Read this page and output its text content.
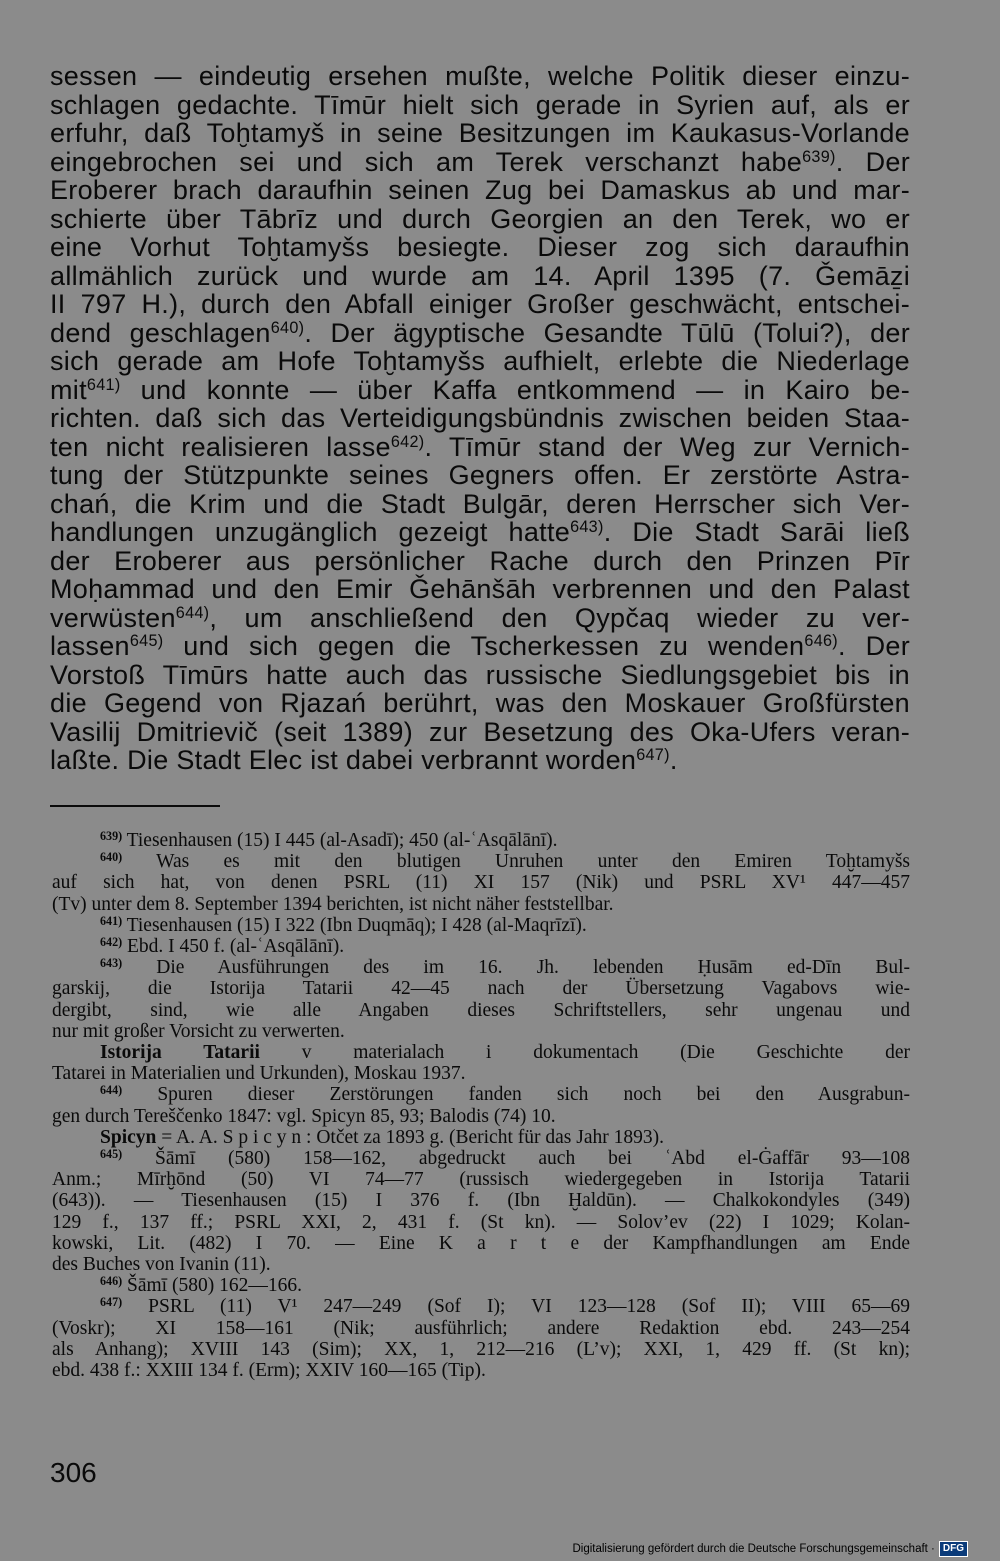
sessen — eindeutig ersehen mußte, welche Politik dieser einzu-
schlagen gedachte. Tīmūr hielt sich gerade in Syrien auf, als er
erfuhr, daß Toḫtamyš in seine Besitzungen im Kaukasus-Vorlande
eingebrochen sei und sich am Terek verschanzt habe$^{639)}$. Der
Eroberer brach daraufhin seinen Zug bei Damaskus ab und mar-
schierte über Tābrīz und durch Georgien an den Terek, wo er
eine Vorhut Toḫtamyšs besiegte. Dieser zog sich daraufhin
allmählich zurück und wurde am 14. April 1395 (7. Ǧemāẕi
II 797 H.), durch den Abfall einiger Großer geschwächt, entschei-
dend geschlagen$^{640)}$. Der ägyptische Gesandte Tūlū (Tolui?), der
sich gerade am Hofe Toḫtamyšs aufhielt, erlebte die Niederlage
mit$^{641)}$ und konnte — über Kaffa entkommend — in Kairo be-
richten. daß sich das Verteidigungsbündnis zwischen beiden Staa-
ten nicht realisieren lasse$^{642)}$. Tīmūr stand der Weg zur Vernich-
tung der Stützpunkte seines Gegners offen. Er zerstörte Astra-
chań, die Krim und die Stadt Bulgār, deren Herrscher sich Ver-
handlungen unzugänglich gezeigt hatte$^{643)}$. Die Stadt Sarāi ließ
der Eroberer aus persönlicher Rache durch den Prinzen Pīr
Moḥammad und den Emir Ǧehānšāh verbrennen und den Palast
verwüsten$^{644)}$, um anschließend den Qypčaq wieder zu ver-
lassen$^{645)}$ und sich gegen die Tscherkessen zu wenden$^{646)}$. Der
Vorstoß Tīmūrs hatte auch das russische Siedlungsgebiet bis in
die Gegend von Rjazań berührt, was den Moskauer Großfürsten
Vasilij Dmitrievič (seit 1389) zur Besetzung des Oka-Ufers veran-
laßte. Die Stadt Elec ist dabei verbrannt worden$^{647)}$.
$^{639)}$ Tiesenhausen (15) I 445 (al-Asadī); 450 (al-ʿAsqālānī).
$^{640)}$ Was es mit den blutigen Unruhen unter den Emiren Toḫtamyšs
auf sich hat, von denen PSRL (11) XI 157 (Nik) und PSRL XV¹ 447—457
(Tv) unter dem 8. September 1394 berichten, ist nicht näher feststellbar.
$^{641)}$ Tiesenhausen (15) I 322 (Ibn Duqmāq); I 428 (al-Maqrīzī).
$^{642)}$ Ebd. I 450 f. (al-ʿAsqālānī).
$^{643)}$ Die Ausführungen des im 16. Jh. lebenden Ḥusām ed-Dīn Bul-
garskij, die Istorija Tatarii 42—45 nach der Übersetzung Vagabovs wie-
dergibt, sind, wie alle Angaben dieses Schriftstellers, sehr ungenau und
nur mit großer Vorsicht zu verwerten.
Istorija Tatarii v materialach i dokumentach (Die Geschichte der
Tatarei in Materialien und Urkunden), Moskau 1937.
$^{644)}$ Spuren dieser Zerstörungen fanden sich noch bei den Ausgrabun-
gen durch Tereščenko 1847: vgl. Spicyn 85, 93; Balodis (74) 10.
Spicyn = A. A. S p i c y n : Otčet za 1893 g. (Bericht für das Jahr 1893).
$^{645)}$ Šāmī (580) 158—162, abgedruckt auch bei ʿAbd el-Ġaffār 93—108
Anm.; Mīrḫōnd (50) VI 74—77 (russisch wiedergegeben in Istorija Tatarii
(643)). — Tiesenhausen (15) I 376 f. (Ibn Ḫaldūn). — Chalkokondyles (349)
129 f., 137 ff.; PSRL XXI, 2, 431 f. (St kn). — Solov’ev (22) I 1029; Kolan-
kowski, Lit. (482) I 70. — Eine K a r t e der Kampfhandlungen am Ende
des Buches von Ivanin (11).
$^{646)}$ Šāmī (580) 162—166.
$^{647)}$ PSRL (11) V¹ 247—249 (Sof I); VI 123—128 (Sof II); VIII 65—69
(Voskr); XI 158—161 (Nik; ausführlich; andere Redaktion ebd. 243—254
als Anhang); XVIII 143 (Sim); XX, 1, 212—216 (L’v); XXI, 1, 429 ff. (St kn);
ebd. 438 f.: XXIII 134 f. (Erm); XXIV 160—165 (Tip).
306
Digitalisierung gefördert durch die Deutsche Forschungsgemeinschaft · DFG
